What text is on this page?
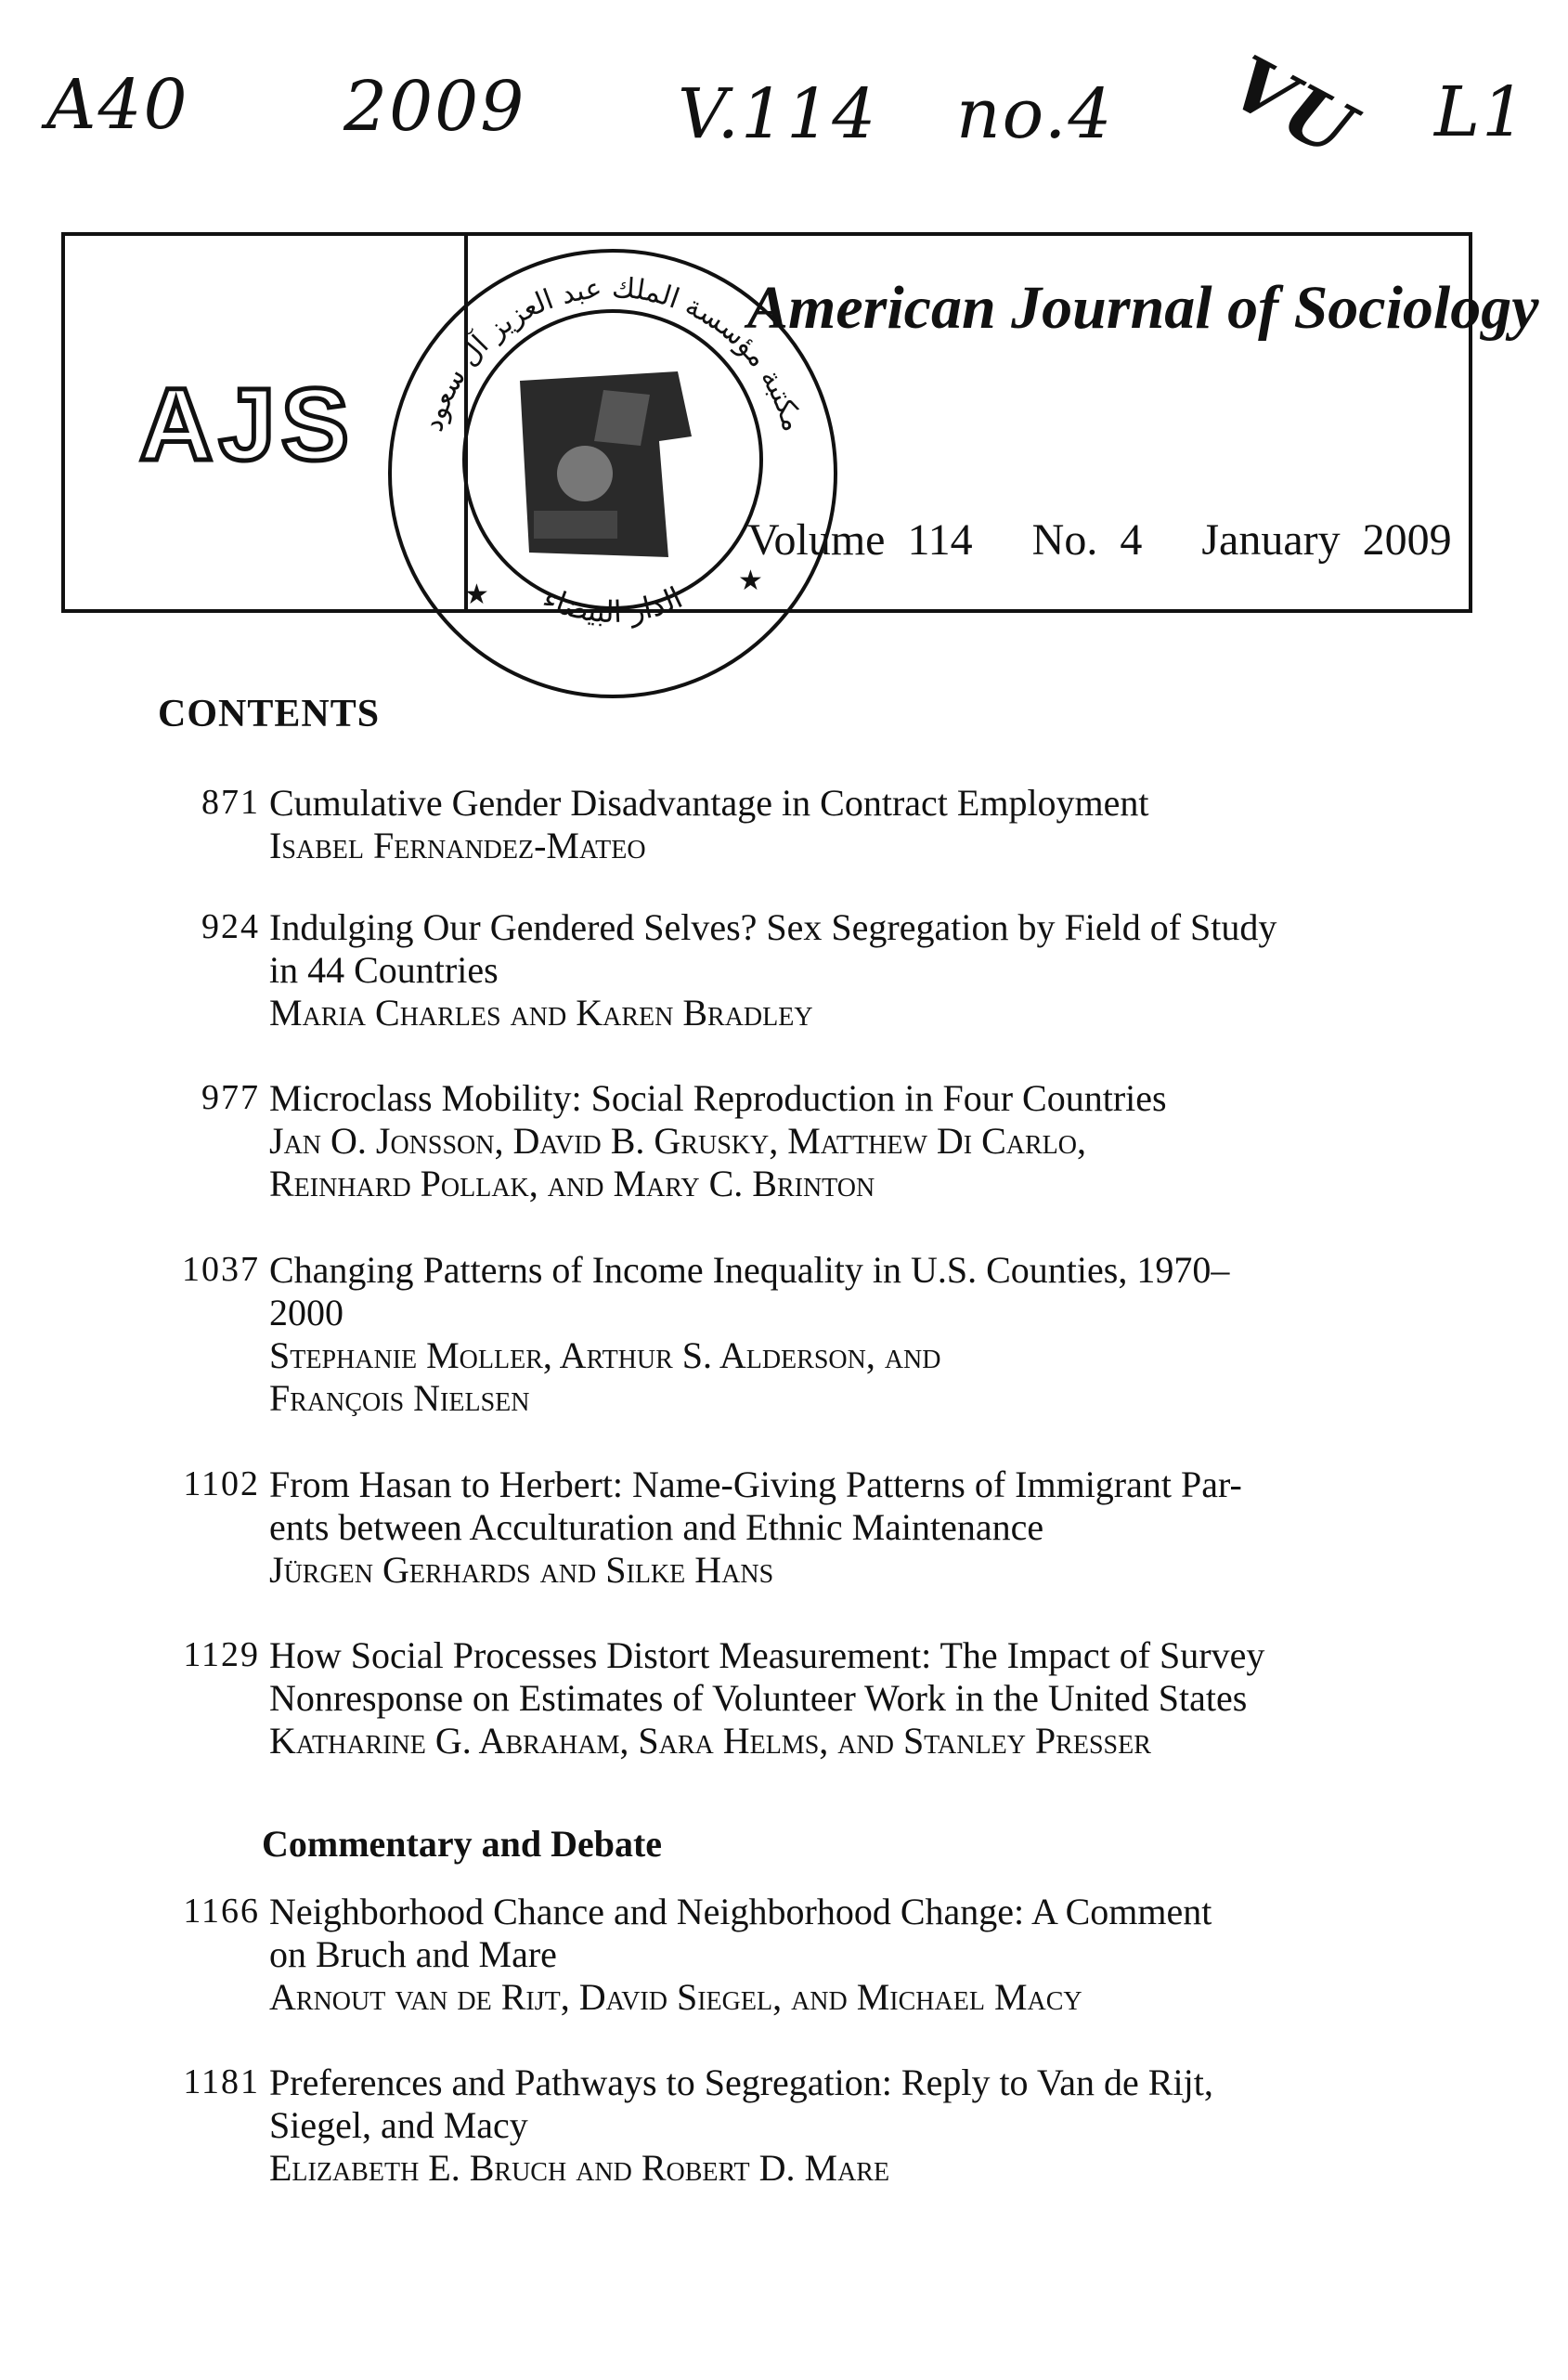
A40 2009 V.114 no.4 VU L1
AJS
American Journal of Sociology
Volume 114 No. 4 January 2009
مكتبة مؤسسة الملك عبد العزيز آل سعود
الدار البيضاء
★	★
CONTENTS
871 Cumulative Gender Disadvantage in Contract Employment
Isabel Fernandez-Mateo
924 Indulging Our Gendered Selves? Sex Segregation by Field of Study
in 44 Countries
Maria Charles and Karen Bradley
977 Microclass Mobility: Social Reproduction in Four Countries
Jan O. Jonsson, David B. Grusky, Matthew Di Carlo,
Reinhard Pollak, and Mary C. Brinton
1037 Changing Patterns of Income Inequality in U.S. Counties, 1970–
2000
Stephanie Moller, Arthur S. Alderson, and
François Nielsen
1102 From Hasan to Herbert: Name-Giving Patterns of Immigrant Par-
ents between Acculturation and Ethnic Maintenance
Jürgen Gerhards and Silke Hans
1129 How Social Processes Distort Measurement: The Impact of Survey
Nonresponse on Estimates of Volunteer Work in the United States
Katharine G. Abraham, Sara Helms, and Stanley Presser
Commentary and Debate
1166 Neighborhood Chance and Neighborhood Change: A Comment
on Bruch and Mare
Arnout van de Rijt, David Siegel, and Michael Macy
1181 Preferences and Pathways to Segregation: Reply to Van de Rijt,
Siegel, and Macy
Elizabeth E. Bruch and Robert D. Mare
